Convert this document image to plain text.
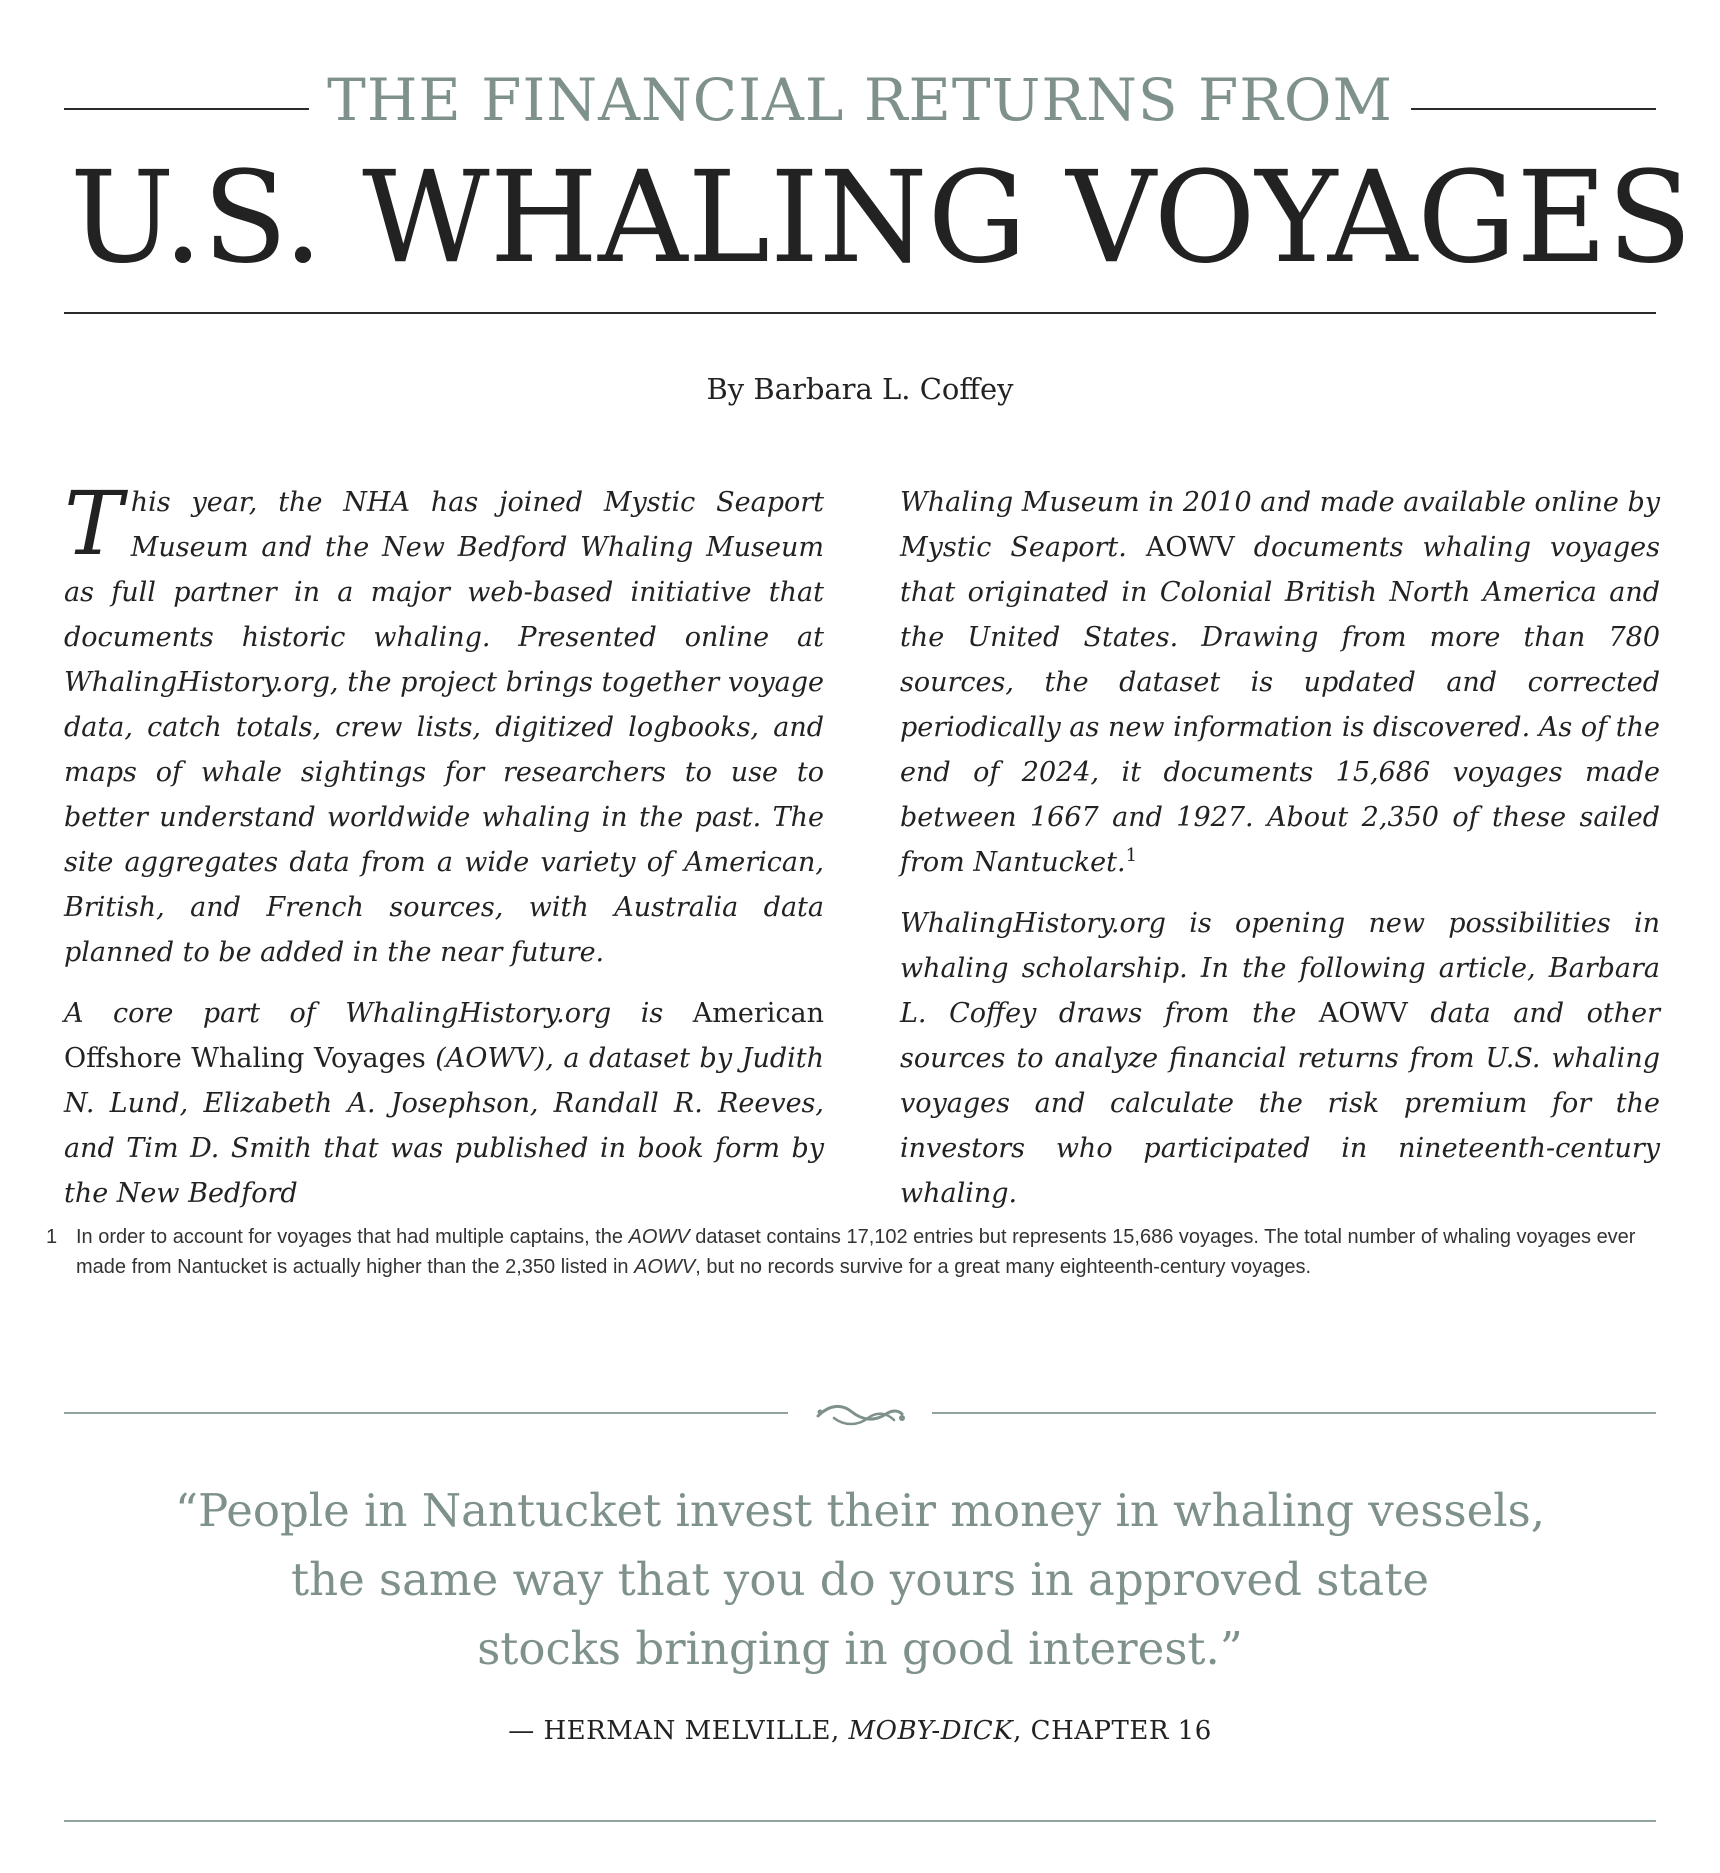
THE FINANCIAL RETURNS FROM
U.S. WHALING VOYAGES
By Barbara L. Coffey

This year, the NHA has joined Mystic Seaport Museum and the New Bedford Whaling Museum as full partner in a major web-based initiative that documents historic whaling. Presented online at WhalingHistory.org, the project brings together voyage data, catch totals, crew lists, digitized logbooks, and maps of whale sightings for researchers to use to better understand worldwide whaling in the past. The site aggregates data from a wide variety of American, British, and French sources, with Australia data planned to be added in the near future.

A core part of WhalingHistory.org is American Offshore Whaling Voyages (AOWV), a dataset by Judith N. Lund, Elizabeth A. Josephson, Randall R. Reeves, and Tim D. Smith that was published in book form by the New Bedford

Whaling Museum in 2010 and made available online by Mystic Seaport. AOWV documents whaling voyages that originated in Colonial British North America and the United States. Drawing from more than 780 sources, the dataset is updated and corrected periodically as new information is discovered. As of the end of 2024, it documents 15,686 voyages made between 1667 and 1927. About 2,350 of these sailed from Nantucket.$^1$

WhalingHistory.org is opening new possibilities in whaling scholarship. In the following article, Barbara L. Coffey draws from the AOWV data and other sources to analyze financial returns from U.S. whaling voyages and calculate the risk premium for the investors who participated in nineteenth-century whaling.

1 In order to account for voyages that had multiple captains, the AOWV dataset contains 17,102 entries but represents 15,686 voyages. The total number of whaling voyages ever made from Nantucket is actually higher than the 2,350 listed in AOWV, but no records survive for a great many eighteenth-century voyages.
“People in Nantucket invest their money in whaling vessels,
the same way that you do yours in approved state
stocks bringing in good interest.”
— HERMAN MELVILLE, MOBY-DICK, CHAPTER 16
